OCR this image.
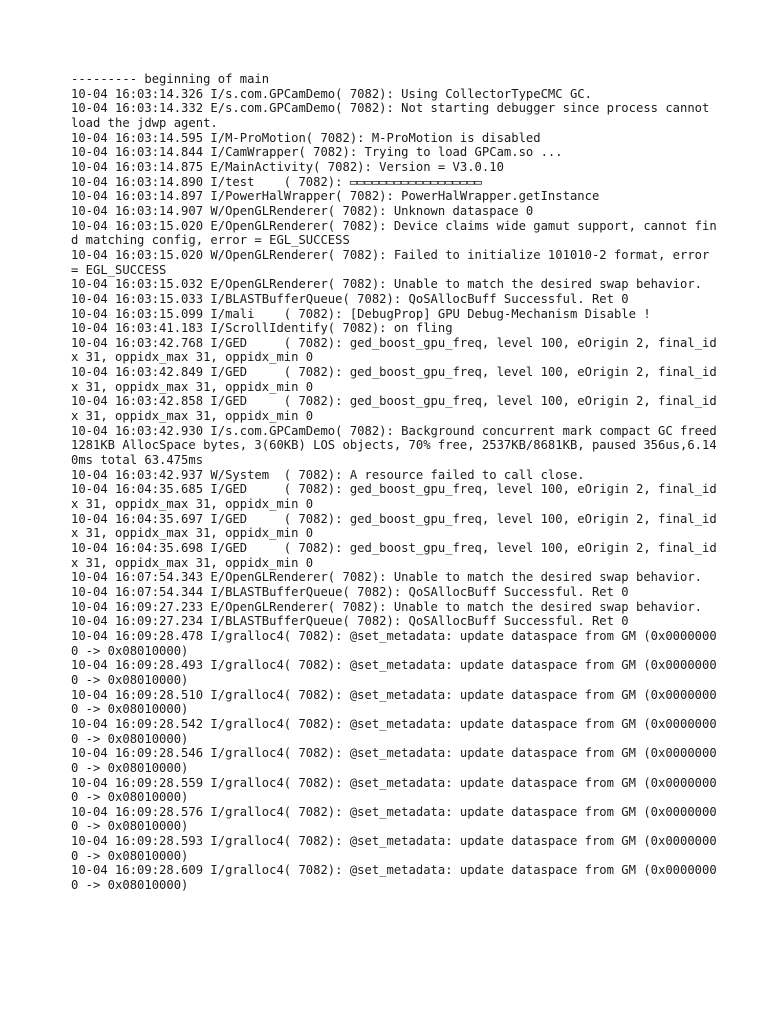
--------- beginning of main

10-04 16:03:14.326 I/s.com.GPCamDemo( 7082): Using CollectorTypeCMC GC.

10-04 16:03:14.332 E/s.com.GPCamDemo( 7082): Not starting debugger since process cannot load the jdwp agent.

10-04 16:03:14.595 I/M-ProMotion( 7082): M-ProMotion is disabled

10-04 16:03:14.844 I/CamWrapper( 7082): Trying to load GPCam.so ...

10-04 16:03:14.875 E/MainActivity( 7082): Version = V3.0.10

10-04 16:03:14.890 I/test    ( 7082): ▭▭▭▭▭▭▭▭▭▭▭▭▭▭▭▭▭▭

10-04 16:03:14.897 I/PowerHalWrapper( 7082): PowerHalWrapper.getInstance

10-04 16:03:14.907 W/OpenGLRenderer( 7082): Unknown dataspace 0

10-04 16:03:15.020 E/OpenGLRenderer( 7082): Device claims wide gamut support, cannot find matching config, error = EGL_SUCCESS

10-04 16:03:15.020 W/OpenGLRenderer( 7082): Failed to initialize 101010-2 format, error = EGL_SUCCESS

10-04 16:03:15.032 E/OpenGLRenderer( 7082): Unable to match the desired swap behavior.

10-04 16:03:15.033 I/BLASTBufferQueue( 7082): QoSAllocBuff Successful. Ret 0

10-04 16:03:15.099 I/mali    ( 7082): [DebugProp] GPU Debug-Mechanism Disable !

10-04 16:03:41.183 I/ScrollIdentify( 7082): on fling

10-04 16:03:42.768 I/GED     ( 7082): ged_boost_gpu_freq, level 100, eOrigin 2, final_idx 31, oppidx_max 31, oppidx_min 0

10-04 16:03:42.849 I/GED     ( 7082): ged_boost_gpu_freq, level 100, eOrigin 2, final_idx 31, oppidx_max 31, oppidx_min 0

10-04 16:03:42.858 I/GED     ( 7082): ged_boost_gpu_freq, level 100, eOrigin 2, final_idx 31, oppidx_max 31, oppidx_min 0

10-04 16:03:42.930 I/s.com.GPCamDemo( 7082): Background concurrent mark compact GC freed 1281KB AllocSpace bytes, 3(60KB) LOS objects, 70% free, 2537KB/8681KB, paused 356us,6.140ms total 63.475ms

10-04 16:03:42.937 W/System  ( 7082): A resource failed to call close.

10-04 16:04:35.685 I/GED     ( 7082): ged_boost_gpu_freq, level 100, eOrigin 2, final_idx 31, oppidx_max 31, oppidx_min 0

10-04 16:04:35.697 I/GED     ( 7082): ged_boost_gpu_freq, level 100, eOrigin 2, final_idx 31, oppidx_max 31, oppidx_min 0

10-04 16:04:35.698 I/GED     ( 7082): ged_boost_gpu_freq, level 100, eOrigin 2, final_idx 31, oppidx_max 31, oppidx_min 0

10-04 16:07:54.343 E/OpenGLRenderer( 7082): Unable to match the desired swap behavior.

10-04 16:07:54.344 I/BLASTBufferQueue( 7082): QoSAllocBuff Successful. Ret 0

10-04 16:09:27.233 E/OpenGLRenderer( 7082): Unable to match the desired swap behavior.

10-04 16:09:27.234 I/BLASTBufferQueue( 7082): QoSAllocBuff Successful. Ret 0

10-04 16:09:28.478 I/gralloc4( 7082): @set_metadata: update dataspace from GM (0x00000000 -> 0x08010000)

10-04 16:09:28.493 I/gralloc4( 7082): @set_metadata: update dataspace from GM (0x00000000 -> 0x08010000)

10-04 16:09:28.510 I/gralloc4( 7082): @set_metadata: update dataspace from GM (0x00000000 -> 0x08010000)

10-04 16:09:28.542 I/gralloc4( 7082): @set_metadata: update dataspace from GM (0x00000000 -> 0x08010000)

10-04 16:09:28.546 I/gralloc4( 7082): @set_metadata: update dataspace from GM (0x00000000 -> 0x08010000)

10-04 16:09:28.559 I/gralloc4( 7082): @set_metadata: update dataspace from GM (0x00000000 -> 0x08010000)

10-04 16:09:28.576 I/gralloc4( 7082): @set_metadata: update dataspace from GM (0x00000000 -> 0x08010000)

10-04 16:09:28.593 I/gralloc4( 7082): @set_metadata: update dataspace from GM (0x00000000 -> 0x08010000)

10-04 16:09:28.609 I/gralloc4( 7082): @set_metadata: update dataspace from GM (0x00000000 -> 0x08010000)
